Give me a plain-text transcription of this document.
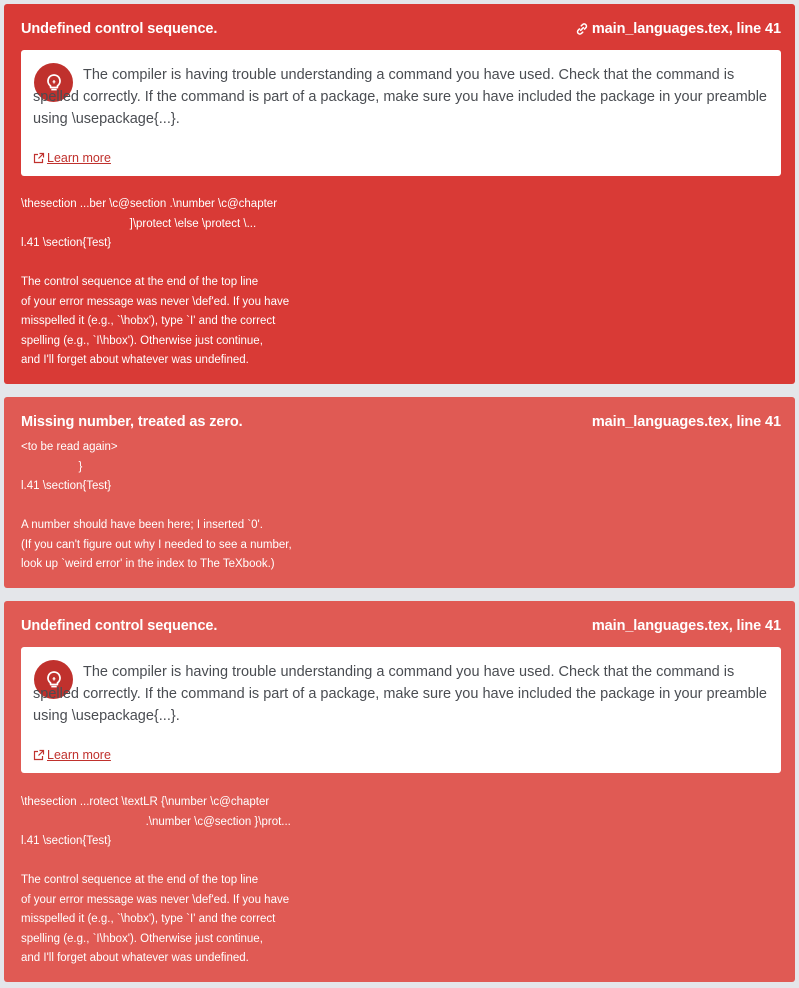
Undefined control sequence.	main_languages.tex, line 41
The compiler is having trouble understanding a command you have used. Check that the command is spelled correctly. If the command is part of a package, make sure you have included the package in your preamble using \usepackage{...}.
Learn more
\thesection ...ber \c@section .\number \c@chapter
]\protect \else \protect \...
l.41 \section{Test}

The control sequence at the end of the top line
of your error message was never \def'ed. If you have
misspelled it (e.g., `\hobx'), type `I' and the correct
spelling (e.g., `I\hbox'). Otherwise just continue,
and I'll forget about whatever was undefined.
Missing number, treated as zero.	main_languages.tex, line 41
<to be read again>
}
l.41 \section{Test}

A number should have been here; I inserted `0'.
(If you can't figure out why I needed to see a number,
look up `weird error' in the index to The TeXbook.)
Undefined control sequence.	main_languages.tex, line 41
The compiler is having trouble understanding a command you have used. Check that the command is spelled correctly. If the command is part of a package, make sure you have included the package in your preamble using \usepackage{...}.
Learn more
\thesection ...rotect \textLR {\number \c@chapter
.\number \c@section }\prot...
l.41 \section{Test}

The control sequence at the end of the top line
of your error message was never \def'ed. If you have
misspelled it (e.g., `\hobx'), type `I' and the correct
spelling (e.g., `I\hbox'). Otherwise just continue,
and I'll forget about whatever was undefined.
